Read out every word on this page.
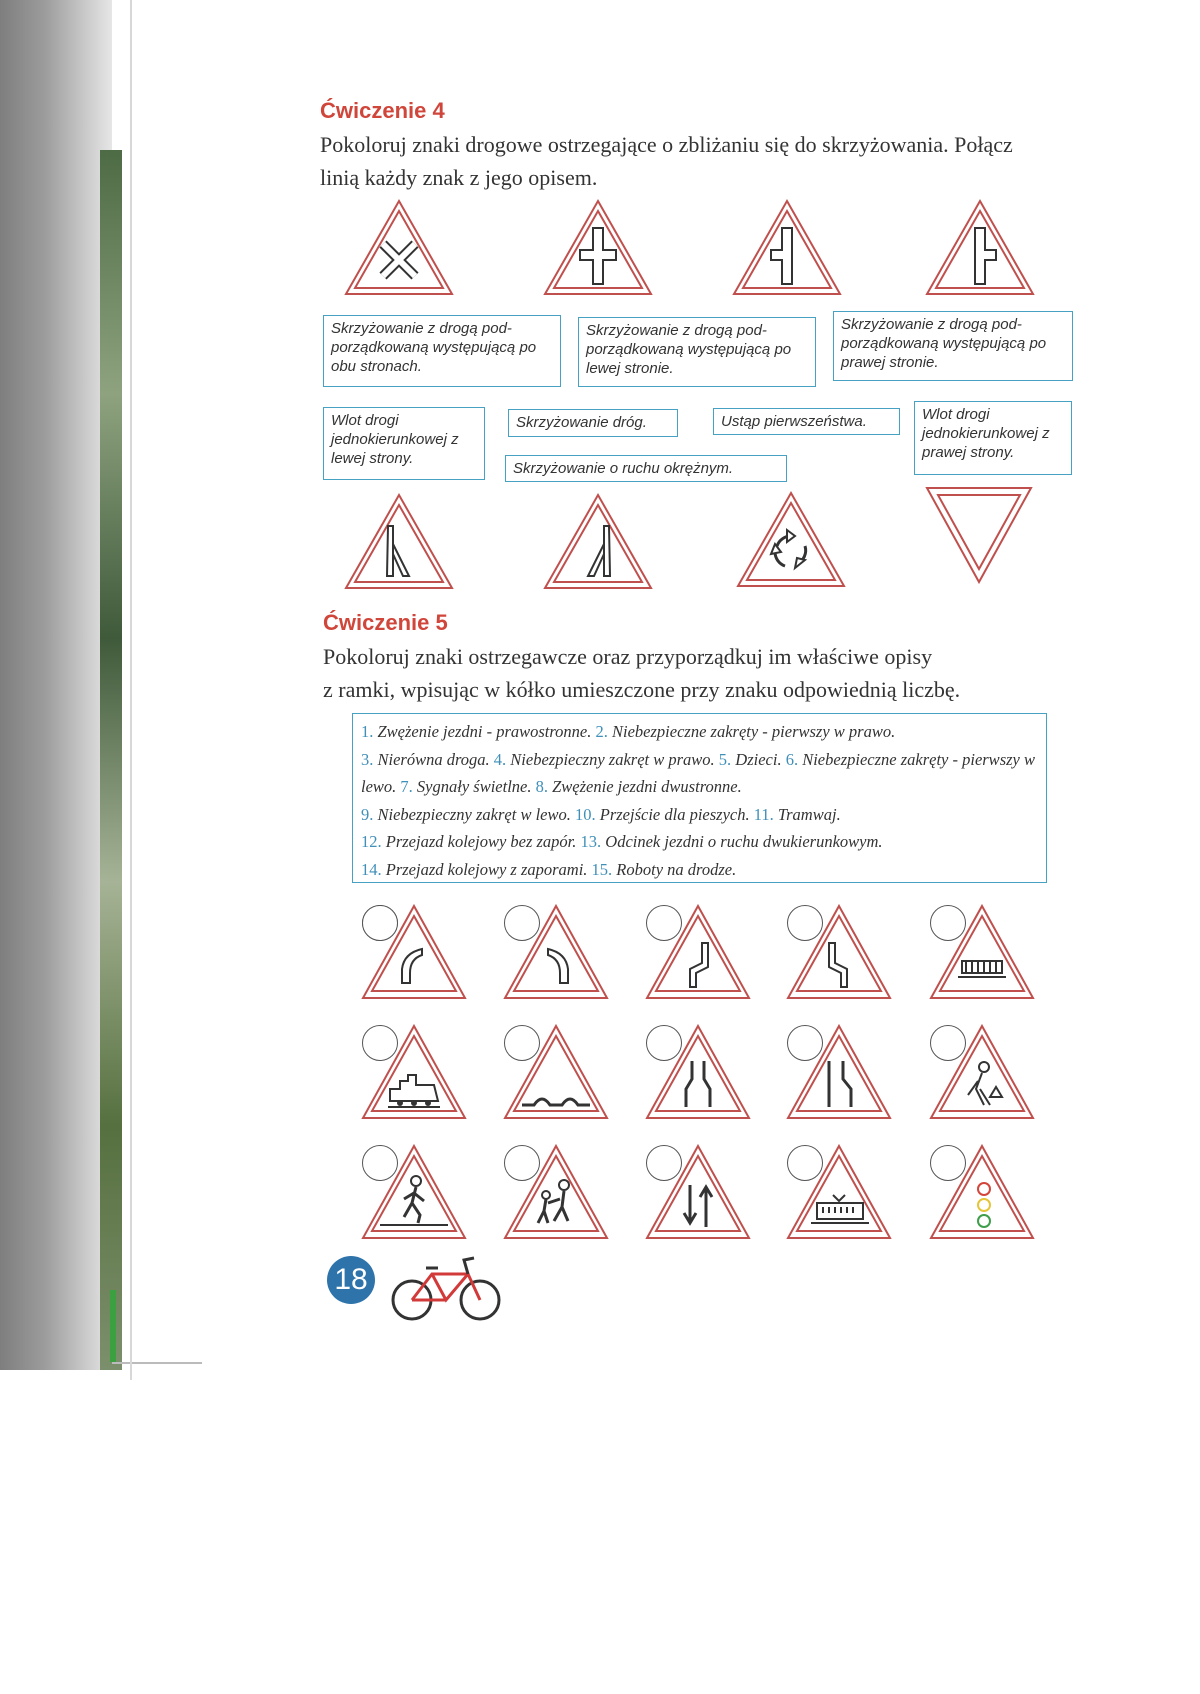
Ćwiczenie 4
Pokoloruj znaki drogowe ostrzegające o zbliżaniu się do skrzyżowania. Połącz
linią każdy znak z jego opisem.
Skrzyżowanie z drogą pod-porządkowaną występującą po obu stronach.
Skrzyżowanie z drogą pod-porządkowaną występującą po lewej stronie.
Skrzyżowanie z drogą pod-porządkowaną występującą po prawej stronie.
Wlot drogi jednokierunkowej z lewej strony.
Skrzyżowanie dróg.	Ustąp pierwszeństwa.	Wlot drogi jednokierunkowej z prawej strony.
Skrzyżowanie o ruchu okrężnym.
Ćwiczenie 5
Pokoloruj znaki ostrzegawcze oraz przyporządkuj im właściwe opisy
z ramki, wpisując w kółko umieszczone przy znaku odpowiednią liczbę.
1. Zwężenie jezdni - prawostronne. 2. Niebezpieczne zakręty - pierwszy w prawo.
3. Nierówna droga. 4. Niebezpieczny zakręt w prawo. 5. Dzieci. 6. Niebezpieczne zakręty - pierwszy w lewo. 7. Sygnały świetlne. 8. Zwężenie jezdni dwustronne.
9. Niebezpieczny zakręt w lewo. 10. Przejście dla pieszych. 11. Tramwaj.
12. Przejazd kolejowy bez zapór. 13. Odcinek jezdni o ruchu dwukierunkowym.
14. Przejazd kolejowy z zaporami. 15. Roboty na drodze.
18
